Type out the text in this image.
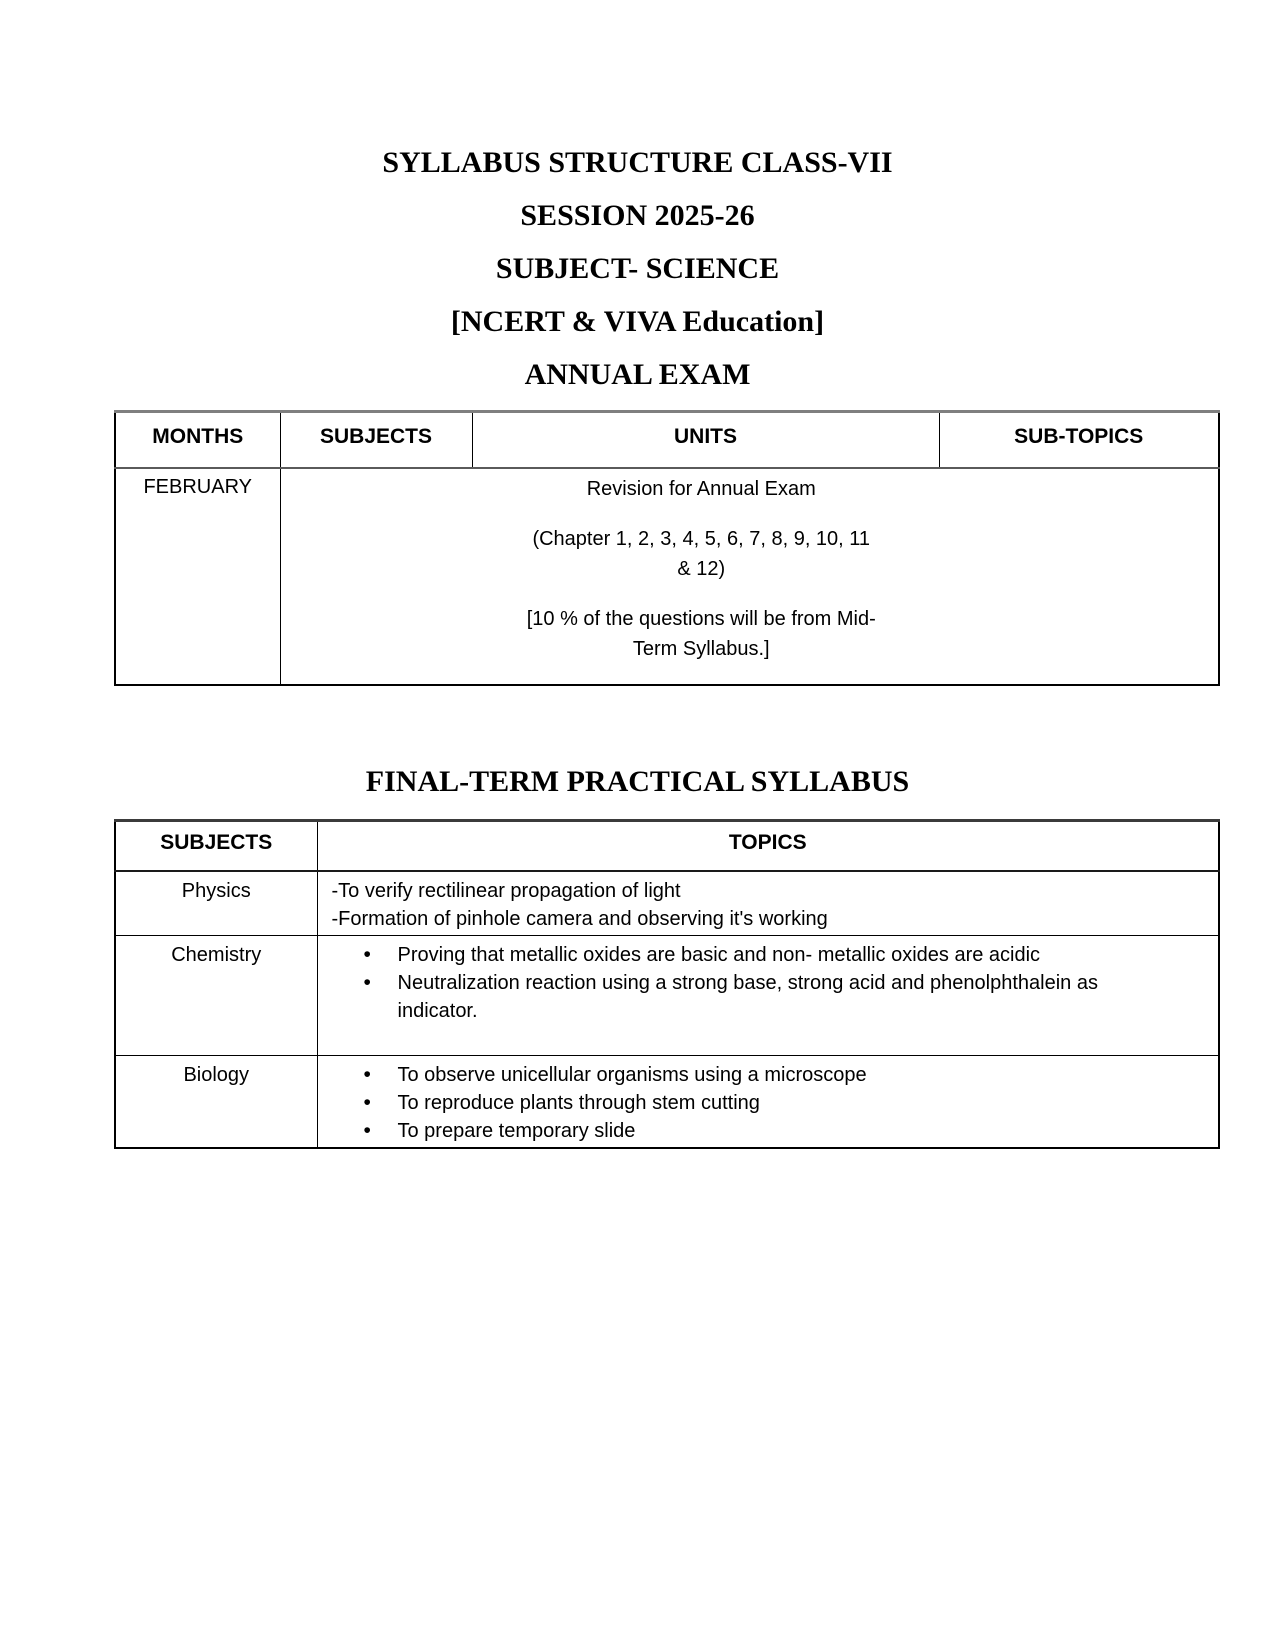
SYLLABUS STRUCTURE CLASS-VII
SESSION 2025-26
SUBJECT- SCIENCE
[NCERT & VIVA Education]
ANNUAL EXAM
MONTHS	SUBJECTS	UNITS	SUB-TOPICS
FEBRUARY	Revision for Annual Exam

(Chapter 1, 2, 3, 4, 5, 6, 7, 8, 9, 10, 11
& 12)

[10 % of the questions will be from Mid-
Term Syllabus.]		

FINAL-TERM PRACTICAL SYLLABUS
SUBJECTS	TOPICS
Physics	-To verify rectilinear propagation of light
-Formation of pinhole camera and observing it's working

Chemistry	• Proving that metallic oxides are basic and non- metallic oxides are acidic
• Neutralization reaction using a strong base, strong acid and phenolphthalein as indicator.

Biology	• To observe unicellular organisms using a microscope
• To reproduce plants through stem cutting
• To prepare temporary slide
